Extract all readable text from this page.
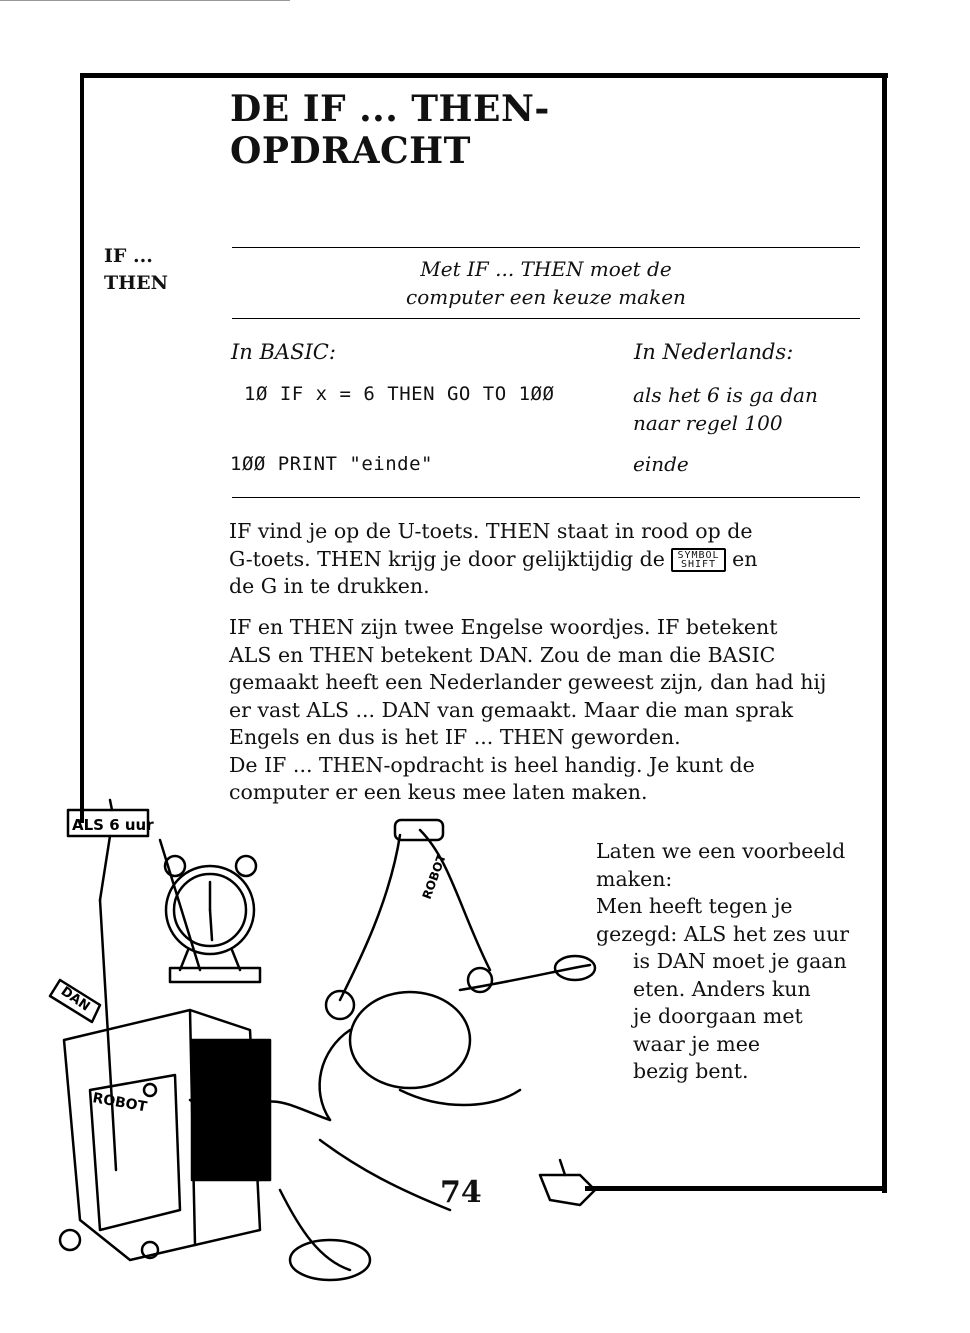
DE IF ... THEN-
OPDRACHT
IF ...
THEN
Met IF ... THEN moet de
computer een keuze maken
In BASIC:	In Nederlands:
1Ø IF x = 6 THEN GO TO 1ØØ	als het 6 is ga dan
naar regel 100
1ØØ PRINT "einde"	einde

IF vind je op de U-toets. THEN staat in rood op de

G-toets. THEN krijg je door gelijktijdig de SYMBOL
SHIFT en

de G in te drukken.

IF en THEN zijn twee Engelse woordjes. IF betekent

ALS en THEN betekent DAN. Zou de man die BASIC

gemaakt heeft een Nederlander geweest zijn, dan had hij

er vast ALS ... DAN van gemaakt. Maar die man sprak

Engels en dus is het IF ... THEN geworden.

De IF ... THEN-opdracht is heel handig. Je kunt de

computer er een keus mee laten maken.

Laten we een voorbeeld
maken:
Men heeft tegen je
gezegd: ALS het zes uur
is DAN moet je gaan
eten. Anders kun
je doorgaan met
waar je mee
bezig bent.
ALS 6 uur
DAN
ROBOT
ROBOT
74
